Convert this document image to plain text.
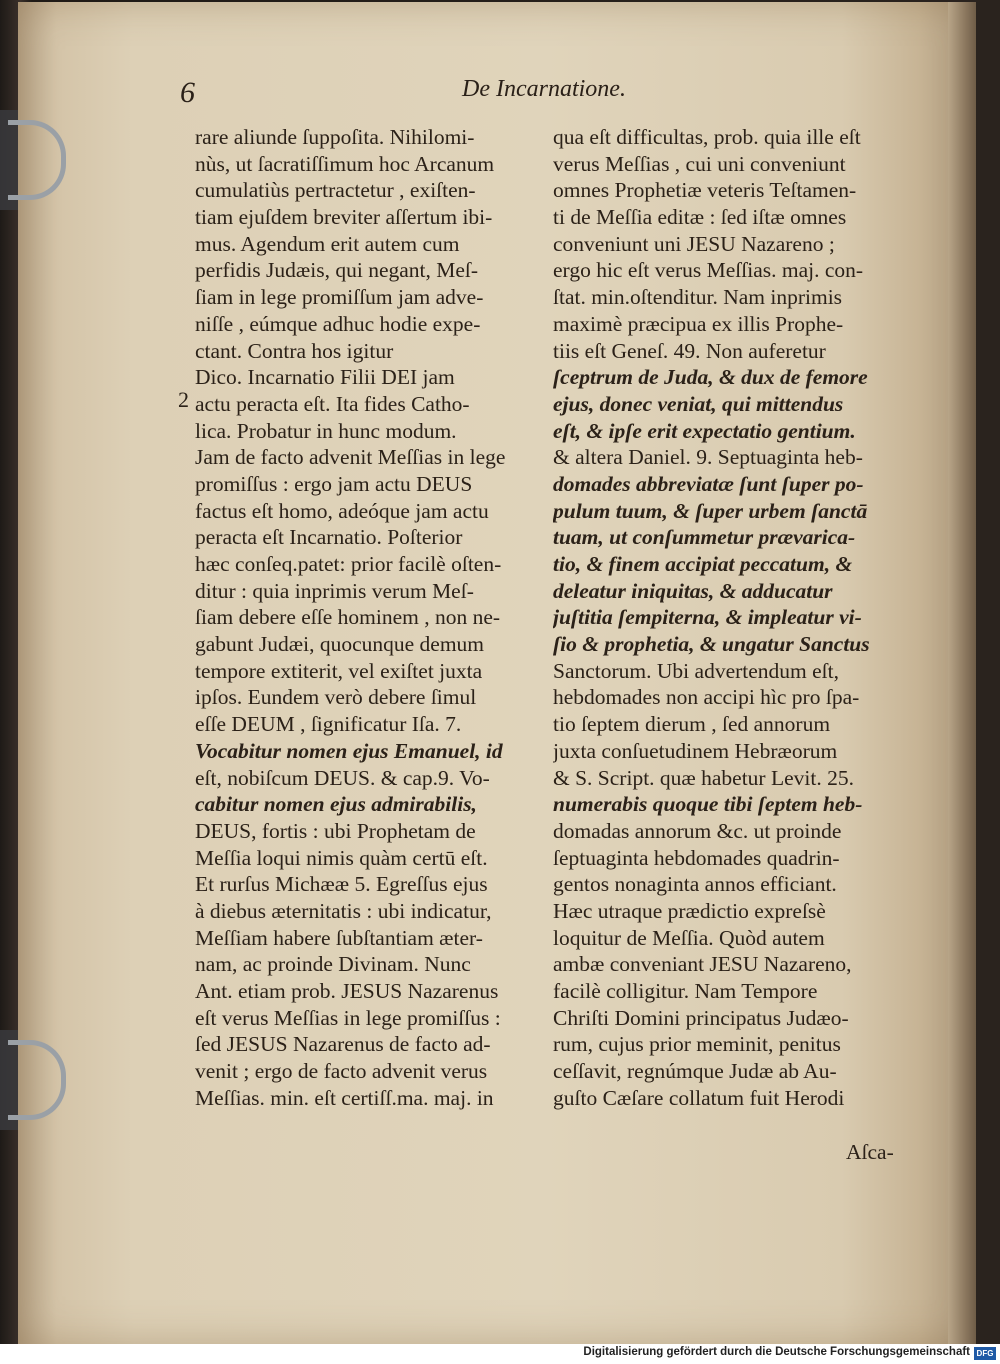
6	De Incarnatione.
2
rare aliunde ſuppoſita. Nihilomi-
nùs, ut ſacratiſſimum hoc Arcanum
cumulatiùs pertractetur , exiſten-
tiam ejuſdem breviter aſſertum ibi-
mus. Agendum erit autem cum
perfidis Judæis, qui negant, Meſ-
ſiam in lege promiſſum jam adve-
niſſe , eúmque adhuc hodie expe-
ctant. Contra hos igitur
Dico. Incarnatio Filii DEI jam
actu peracta eſt. Ita fides Catho-
lica. Probatur in hunc modum.
Jam de facto advenit Meſſias in lege
promiſſus : ergo jam actu DEUS
factus eſt homo, adeóque jam actu
peracta eſt Incarnatio. Poſterior
hæc conſeq.patet: prior facilè oſten-
ditur : quia inprimis verum Meſ-
ſiam debere eſſe hominem , non ne-
gabunt Judæi, quocunque demum
tempore extiterit, vel exiſtet juxta
ipſos. Eundem verò debere ſimul
eſſe DEUM , ſignificatur Iſa. 7.
Vocabitur nomen ejus Emanuel, id
eſt, nobiſcum DEUS. & cap.9. Vo-
cabitur nomen ejus admirabilis,
DEUS, fortis : ubi Prophetam de
Meſſia loqui nimis quàm certū eſt.
Et rurſus Michææ 5. Egreſſus ejus
à diebus æternitatis : ubi indicatur,
Meſſiam habere ſubſtantiam æter-
nam, ac proinde Divinam. Nunc
Ant. etiam prob. JESUS Nazarenus
eſt verus Meſſias in lege promiſſus :
ſed JESUS Nazarenus de facto ad-
venit ; ergo de facto advenit verus
Meſſias. min. eſt certiſſ.ma. maj. in
qua eſt difficultas, prob. quia ille eſt
verus Meſſias , cui uni conveniunt
omnes Prophetiæ veteris Teſtamen-
ti de Meſſia editæ : ſed iſtæ omnes
conveniunt uni JESU Nazareno ;
ergo hic eſt verus Meſſias. maj. con-
ſtat. min.oſtenditur. Nam inprimis
maximè præcipua ex illis Prophe-
tiis eſt Geneſ. 49. Non auferetur
ſceptrum de Juda, & dux de femore
ejus, donec veniat, qui mittendus
eſt, & ipſe erit expectatio gentium.
& altera Daniel. 9. Septuaginta heb-
domades abbreviatæ ſunt ſuper po-
pulum tuum, & ſuper urbem ſanctā
tuam, ut conſummetur prævarica-
tio, & finem accipiat peccatum, &
deleatur iniquitas, & adducatur
juſtitia ſempiterna, & impleatur vi-
ſio & prophetia, & ungatur Sanctus
Sanctorum. Ubi advertendum eſt,
hebdomades non accipi hìc pro ſpa-
tio ſeptem dierum , ſed annorum
juxta conſuetudinem Hebræorum
& S. Script. quæ habetur Levit. 25.
numerabis quoque tibi ſeptem heb-
domadas annorum &c. ut proinde
ſeptuaginta hebdomades quadrin-
gentos nonaginta annos efficiant.
Hæc utraque prædictio expreſsè
loquitur de Meſſia. Quòd autem
ambæ conveniant JESU Nazareno,
facilè colligitur. Nam Tempore
Chriſti Domini principatus Judæo-
rum, cujus prior meminit, penitus
ceſſavit, regnúmque Judæ ab Au-
guſto Cæſare collatum fuit Herodi
Aſca-
Digitalisierung gefördert durch die Deutsche Forschungsgemeinschaft DFG
